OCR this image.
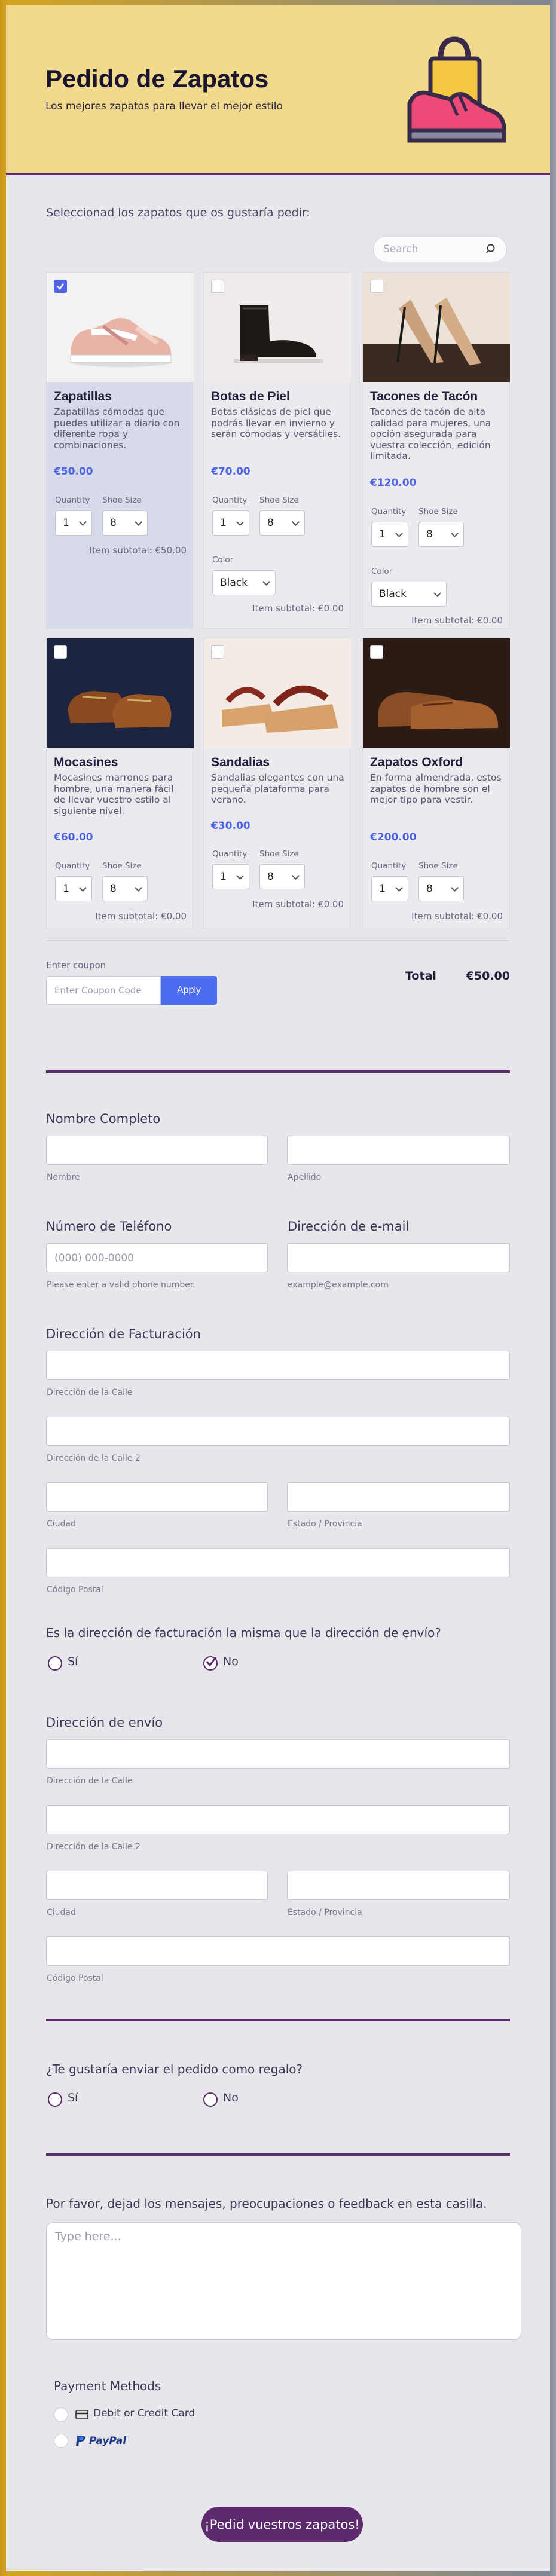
Pedido de Zapatos
Los mejores zapatos para llevar el mejor estilo
Seleccionad los zapatos que os gustaría pedir:
Search
Zapatillas
Zapatillas cómodas que puedes utilizar a diario con diferente ropa y combinaciones.
€50.00
Quantity Shoe Size
1	8
Item subtotal: €50.00
Botas de Piel
Botas clásicas de piel que podrás llevar en invierno y serán cómodas y versátiles.
€70.00
Quantity Shoe Size
1	8
Color
Black
Item subtotal: €0.00
Tacones de Tacón
Tacones de tacón de alta calidad para mujeres, una opción asegurada para vuestra colección, edición limitada.
€120.00
Quantity Shoe Size
1	8
Color
Black
Item subtotal: €0.00
Mocasines
Mocasines marrones para hombre, una manera fácil de llevar vuestro estilo al siguiente nivel.
€60.00
Quantity Shoe Size
1	8
Item subtotal: €0.00
Sandalias
Sandalias elegantes con una pequeña plataforma para verano.
€30.00
Quantity Shoe Size
1	8
Item subtotal: €0.00
Zapatos Oxford
En forma almendrada, estos zapatos de hombre son el mejor tipo para vestir.
€200.00
Quantity Shoe Size
1	8
Item subtotal: €0.00
Enter coupon
Enter Coupon Code	Apply
Total	€50.00
Nombre Completo
Nombre	Apellido
Número de Teléfono
(000) 000-0000
Please enter a valid phone number.
Dirección de e-mail
example@example.com
Dirección de Facturación
Dirección de la Calle
Dirección de la Calle 2
Ciudad	Estado / Provincia
Código Postal
Es la dirección de facturación la misma que la dirección de envío?
Sí	No
Dirección de envío
Dirección de la Calle
Dirección de la Calle 2
Ciudad	Estado / Provincia
Código Postal
¿Te gustaría enviar el pedido como regalo?
Sí	No
Por favor, dejad los mensajes, preocupaciones o feedback en esta casilla.
Type here...
Payment Methods
Debit or Credit Card
PayPal
¡Pedid vuestros zapatos!
